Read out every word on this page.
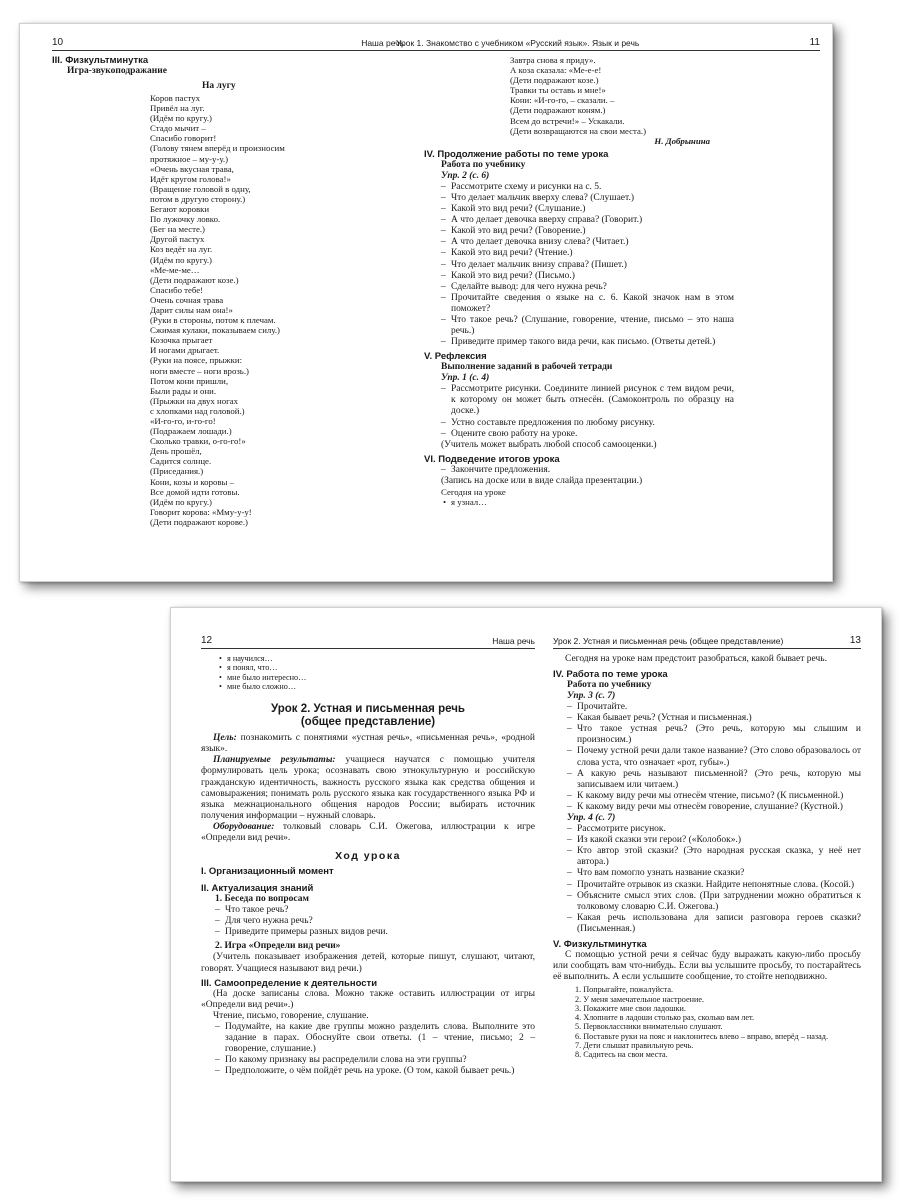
10	Наша речь
III. Физкультминутка
Игра-звукоподражание
На лугу
Коров пастух
Привёл на луг.
(Идём по кругу.)
Стадо мычит –
Спасибо говорит!
(Голову тянем вперёд и произносим
протяжное – му-у-у.)
«Очень вкусная трава,
Идёт кругом голова!»
(Вращение головой в одну,
потом в другую сторону.)
Бегают коровки
По лужочку ловко.
(Бег на месте.)
Другой пастух
Коз ведёт на луг.
(Идём по кругу.)
«Ме-ме-ме…
(Дети подражают козе.)
Спасибо тебе!
Очень сочная трава
Дарит силы нам она!»
(Руки в стороны, потом к плечам.
Сжимая кулаки, показываем силу.)
Козочка прыгает
И ногами дрыгает.
(Руки на поясе, прыжки:
ноги вместе – ноги врозь.)
Потом кони пришли,
Были рады и они.
(Прыжки на двух ногах
с хлопками над головой.)
«И-го-го, и-го-го!
(Подражаем лошади.)
Сколько травки, о-го-го!»
День прошёл,
Садится солнце.
(Приседания.)
Кони, козы и коровы –
Все домой идти готовы.
(Идём по кругу.)
Говорит корова: «Мму-у-у!
(Дети подражают корове.)
Урок 1. Знакомство с учебником «Русский язык». Язык и речь	11
Завтра снова я приду».
А коза сказала: «Ме-е-е!
(Дети подражают козе.)
Травки ты оставь и мне!»
Кони: «И-го-го, – сказали. –
(Дети подражают коням.)
Всем до встречи!» – Ускакали.
(Дети возвращаются на свои места.)
Н. Добрынина
IV. Продолжение работы по теме урока
Работа по учебнику
Упр. 2 (с. 6)
– Рассмотрите схему и рисунки на с. 5.
– Что делает мальчик вверху слева? (Слушает.)
– Какой это вид речи? (Слушание.)
– А что делает девочка вверху справа? (Говорит.)
– Какой это вид речи? (Говорение.)
– А что делает девочка внизу слева? (Читает.)
– Какой это вид речи? (Чтение.)
– Что делает мальчик внизу справа? (Пишет.)
– Какой это вид речи? (Письмо.)
– Сделайте вывод: для чего нужна речь?
– Прочитайте сведения о языке на с. 6. Какой значок нам в этом поможет?
– Что такое речь? (Слушание, говорение, чтение, письмо – это наша речь.)
– Приведите пример такого вида речи, как письмо. (Ответы детей.)
V. Рефлексия
Выполнение заданий в рабочей тетради
Упр. 1 (с. 4)
– Рассмотрите рисунки. Соедините линией рисунок с тем видом речи, к которому он может быть отнесён. (Самоконтроль по образцу на доске.)
– Устно составьте предложения по любому рисунку.
– Оцените свою работу на уроке.
(Учитель может выбрать любой способ самооценки.)
VI. Подведение итогов урока
– Закончите предложения.
(Запись на доске или в виде слайда презентации.)
Сегодня на уроке
• я узнал…
12	Наша речь
• я научился…
• я понял, что…
• мне было интересно…
• мне было сложно…
Урок 2. Устная и письменная речь
(общее представление)
Цель: познакомить с понятиями «устная речь», «письменная речь», «родной язык».
Планируемые результаты: учащиеся научатся с помощью учителя формулировать цель урока; осознавать свою этнокультурную и российскую гражданскую идентичность, важность русского языка как средства общения и самовыражения; понимать роль русского языка как государственного языка РФ и языка межнационального общения народов России; выбирать источник получения информации – нужный словарь.
Оборудование: толковый словарь С.И. Ожегова, иллюстрации к игре «Определи вид речи».
Ход урока
I. Организационный момент
II. Актуализация знаний
1. Беседа по вопросам
– Что такое речь?
– Для чего нужна речь?
– Приведите примеры разных видов речи.
2. Игра «Определи вид речи»
(Учитель показывает изображения детей, которые пишут, слушают, читают, говорят. Учащиеся называют вид речи.)
III. Самоопределение к деятельности
(На доске записаны слова. Можно также оставить иллюстрации от игры «Определи вид речи».)
Чтение, письмо, говорение, слушание.
– Подумайте, на какие две группы можно разделить слова. Выполните это задание в парах. Обоснуйте свои ответы. (1 – чтение, письмо; 2 – говорение, слушание.)
– По какому признаку вы распределили слова на эти группы?
– Предположите, о чём пойдёт речь на уроке. (О том, какой бывает речь.)
Урок 2. Устная и письменная речь (общее представление)	13
Сегодня на уроке нам предстоит разобраться, какой бывает речь.
IV. Работа по теме урока
Работа по учебнику
Упр. 3 (с. 7)
– Прочитайте.
– Какая бывает речь? (Устная и письменная.)
– Что такое устная речь? (Это речь, которую мы слышим и произносим.)
– Почему устной речи дали такое название? (Это слово образовалось от слова уста, что означает «рот, губы».)
– А какую речь называют письменной? (Это речь, которую мы записываем или читаем.)
– К какому виду речи мы отнесём чтение, письмо? (К письменной.)
– К какому виду речи мы отнесём говорение, слушание? (Кустной.)
Упр. 4 (с. 7)
– Рассмотрите рисунок.
– Из какой сказки эти герои? («Колобок».)
– Кто автор этой сказки? (Это народная русская сказка, у неё нет автора.)
– Что вам помогло узнать название сказки?
– Прочитайте отрывок из сказки. Найдите непонятные слова. (Косой.)
– Объясните смысл этих слов. (При затруднении можно обратиться к толковому словарю С.И. Ожегова.)
– Какая речь использована для записи разговора героев сказки? (Письменная.)
V. Физкультминутка
С помощью устной речи я сейчас буду выражать какую-либо просьбу или сообщать вам что-нибудь. Если вы услышите просьбу, то постарайтесь её выполнить. А если услышите сообщение, то стойте неподвижно.
1. Попрыгайте, пожалуйста.
2. У меня замечательное настроение.
3. Покажите мне свои ладошки.
4. Хлопните в ладоши столько раз, сколько вам лет.
5. Первоклассники внимательно слушают.
6. Поставьте руки на пояс и наклонитесь влево – вправо, вперёд – назад.
7. Дети слышат правильную речь.
8. Садитесь на свои места.
